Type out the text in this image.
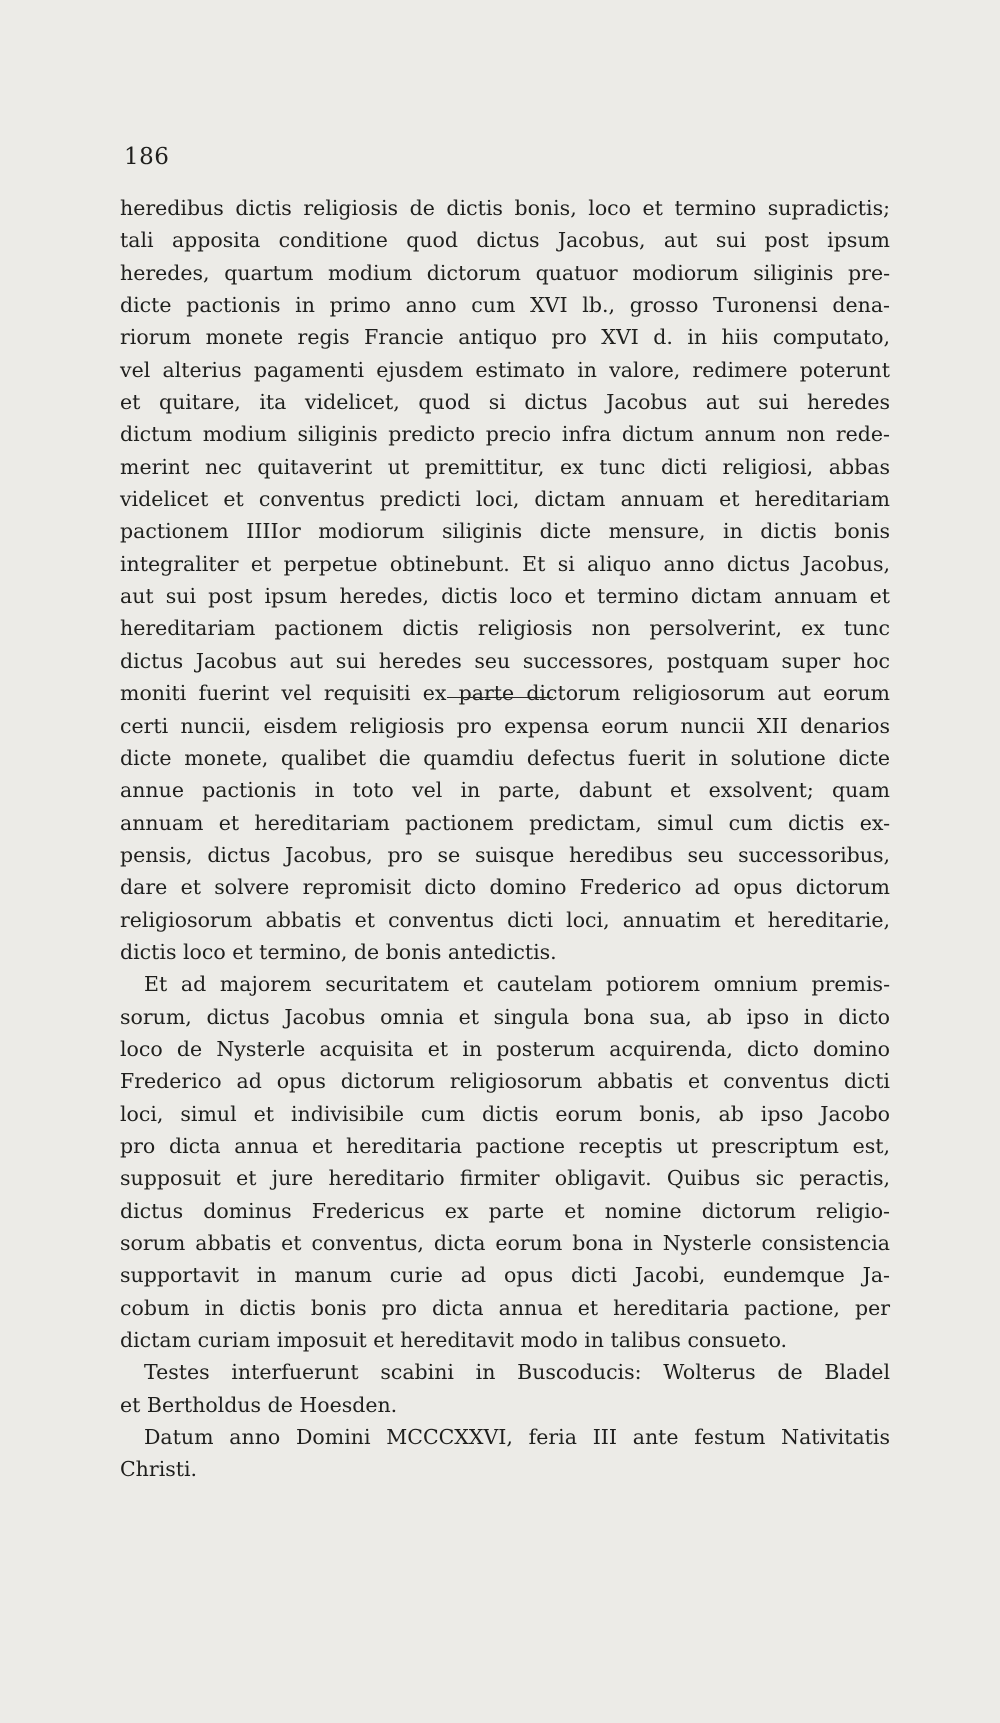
186
heredibus dictis religiosis de dictis bonis, loco et termino supradictis;
tali apposita conditione quod dictus Jacobus, aut sui post ipsum
heredes, quartum modium dictorum quatuor modiorum siliginis pre-
dicte pactionis in primo anno cum XVI lb., grosso Turonensi dena-
riorum monete regis Francie antiquo pro XVI d. in hiis computato,
vel alterius pagamenti ejusdem estimato in valore, redimere poterunt
et quitare, ita videlicet, quod si dictus Jacobus aut sui heredes
dictum modium siliginis predicto precio infra dictum annum non rede-
merint nec quitaverint ut premittitur, ex tunc dicti religiosi, abbas
videlicet et conventus predicti loci, dictam annuam et hereditariam
pactionem IIIIor modiorum siliginis dicte mensure, in dictis bonis
integraliter et perpetue obtinebunt. Et si aliquo anno dictus Jacobus,
aut sui post ipsum heredes, dictis loco et termino dictam annuam et
hereditariam pactionem dictis religiosis non persolverint, ex tunc
dictus Jacobus aut sui heredes seu successores, postquam super hoc
moniti fuerint vel requisiti ex parte dictorum religiosorum aut eorum
certi nuncii, eisdem religiosis pro expensa eorum nuncii XII denarios
dicte monete, qualibet die quamdiu defectus fuerit in solutione dicte
annue pactionis in toto vel in parte, dabunt et exsolvent; quam
annuam et hereditariam pactionem predictam, simul cum dictis ex-
pensis, dictus Jacobus, pro se suisque heredibus seu successoribus,
dare et solvere repromisit dicto domino Frederico ad opus dictorum
religiosorum abbatis et conventus dicti loci, annuatim et hereditarie,
dictis loco et termino, de bonis antedictis.
Et ad majorem securitatem et cautelam potiorem omnium premis-
sorum, dictus Jacobus omnia et singula bona sua, ab ipso in dicto
loco de Nysterle acquisita et in posterum acquirenda, dicto domino
Frederico ad opus dictorum religiosorum abbatis et conventus dicti
loci, simul et indivisibile cum dictis eorum bonis, ab ipso Jacobo
pro dicta annua et hereditaria pactione receptis ut prescriptum est,
supposuit et jure hereditario firmiter obligavit. Quibus sic peractis,
dictus dominus Fredericus ex parte et nomine dictorum religio-
sorum abbatis et conventus, dicta eorum bona in Nysterle consistencia
supportavit in manum curie ad opus dicti Jacobi, eundemque Ja-
cobum in dictis bonis pro dicta annua et hereditaria pactione, per
dictam curiam imposuit et hereditavit modo in talibus consueto.
Testes interfuerunt scabini in Buscoducis: Wolterus de Bladel
et Bertholdus de Hoesden.
Datum anno Domini MCCCXXVI, feria III ante festum Nativitatis
Christi.
